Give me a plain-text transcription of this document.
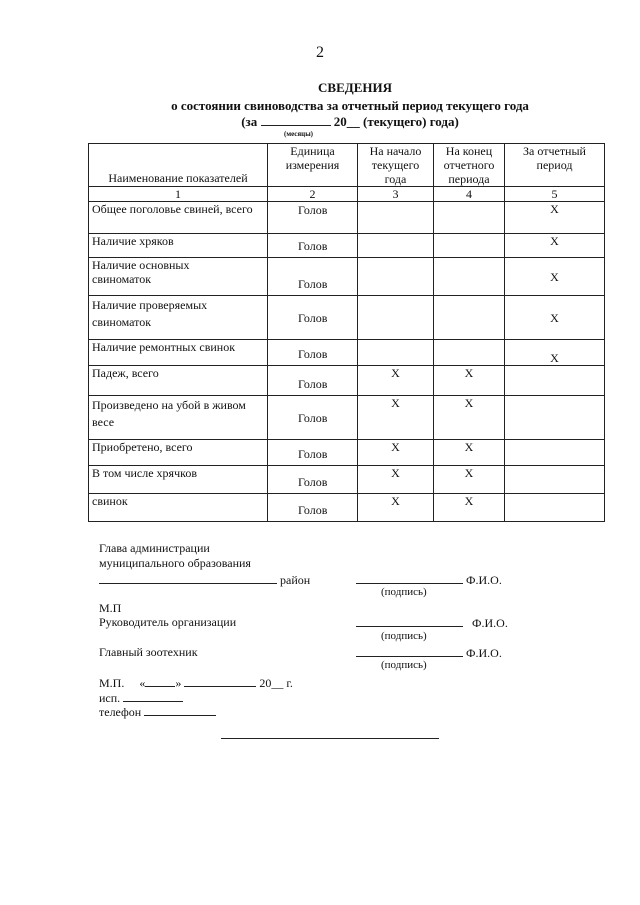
2
СВЕДЕНИЯ
о состоянии свиноводства за отчетный период текущего года
(за	20__ (текущего) года)
(месяцы)
Наименование показателей	Единица измерения	На начало текущего года	На конец отчетного периода	За отчетный период
1	2	3	4	5
Общее поголовье свиней, всего	Голов			Х
Наличие хряков	Голов			Х

Наличие основных свиноматок	Голов			Х

Наличие проверяемых свиноматок	Голов			Х
Наличие ремонтных свинок	Голов			Х
Падеж, всего	Голов	Х	Х	
Произведено на убой в живом весе	Голов	Х	Х	
Приобретено, всего	Голов	Х	Х	
В том числе хрячков	Голов	Х	Х	
свинок	Голов	Х	Х	
Глава администрации
муниципального образования
район	Ф.И.О.
(подпись)
М.П
Руководитель организации	Ф.И.О.
(подпись)
Главный зоотехник	Ф.И.О.
(подпись)
М.П. «	»	20__ г.
исп.
телефон
